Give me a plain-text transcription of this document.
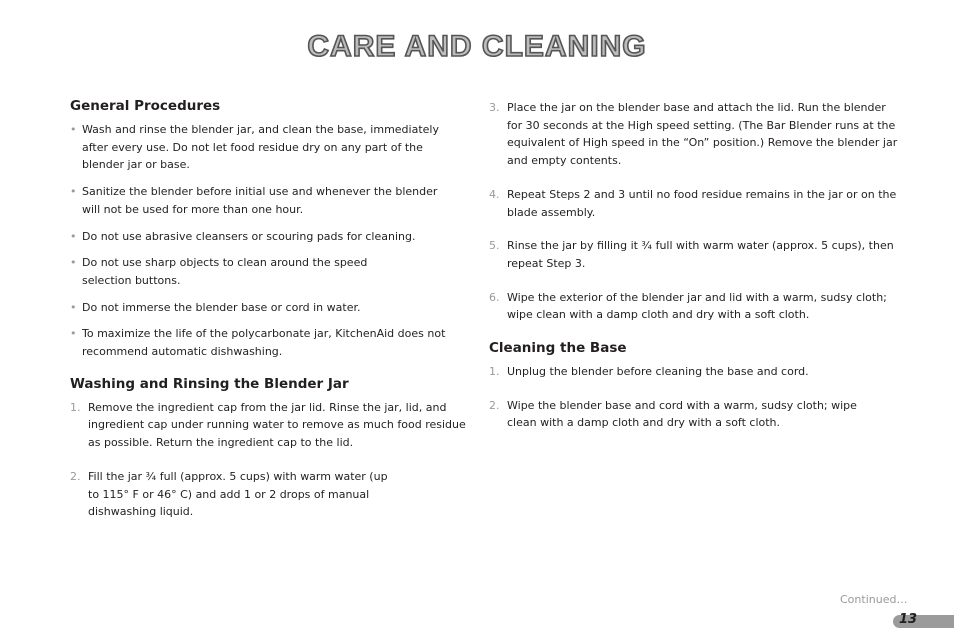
CARE AND CLEANING
General Procedures
• Wash and rinse the blender jar, and clean the base, immediately after every use. Do not let food residue dry on any part of the blender jar or base.
• Sanitize the blender before initial use and whenever the blender will not be used for more than one hour.
• Do not use abrasive cleansers or scouring pads for cleaning.
• Do not use sharp objects to clean around the speed selection buttons.
• Do not immerse the blender base or cord in water.
• To maximize the life of the polycarbonate jar, KitchenAid does not recommend automatic dishwashing.
Washing and Rinsing the Blender Jar
1. Remove the ingredient cap from the jar lid. Rinse the jar, lid, and ingredient cap under running water to remove as much food residue as possible. Return the ingredient cap to the lid.
2. Fill the jar ¾ full (approx. 5 cups) with warm water (up to 115° F or 46° C) and add 1 or 2 drops of manual dishwashing liquid.
3. Place the jar on the blender base and attach the lid. Run the blender for 30 seconds at the High speed setting. (The Bar Blender runs at the equivalent of High speed in the “On” position.) Remove the blender jar and empty contents.
4. Repeat Steps 2 and 3 until no food residue remains in the jar or on the blade assembly.
5. Rinse the jar by filling it ¾ full with warm water (approx. 5 cups), then repeat Step 3.
6. Wipe the exterior of the blender jar and lid with a warm, sudsy cloth; wipe clean with a damp cloth and dry with a soft cloth.
Cleaning the Base
1. Unplug the blender before cleaning the base and cord.
2. Wipe the blender base and cord with a warm, sudsy cloth; wipe clean with a damp cloth and dry with a soft cloth.
Continued…
13
